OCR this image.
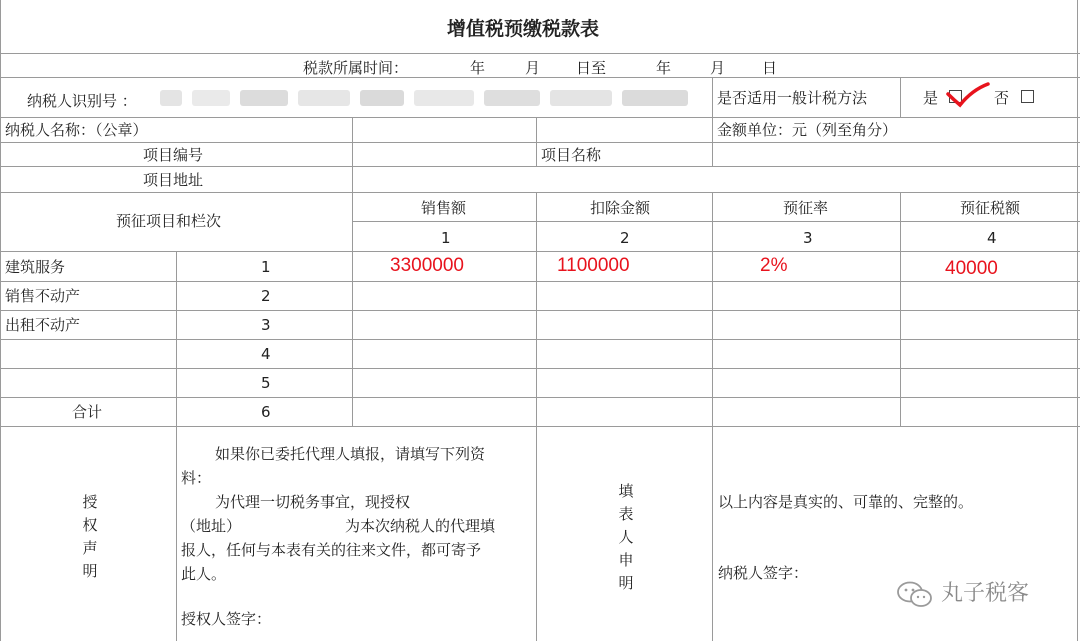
增值税预缴税款表
税款所属时间：	年	月 日至	年	月 日
纳税人识别号 ：	是否适用一般计税方法	是	否
纳税人名称：（公章）	金额单位：元（列至角分）
项目编号	项目名称
项目地址
预征项目和栏次
销售额	扣除金额	预征率	预征税额
1	2	3	4
建筑服务	1	3300000	1100000	2%	40000
销售不动产	2
出租不动产	3
4
5
合计	6
授
权
声
明
如果你已委托代理人填报，请填写下列资
料：
为代理一切税务事宜，现授权
（地址）	为本次纳税人的代理填
报人，任何与本表有关的往来文件，都可寄予
此人。
授权人签字：
填
表
人
申
明
以上内容是真实的、可靠的、完整的。
纳税人签字：
丸子税客
